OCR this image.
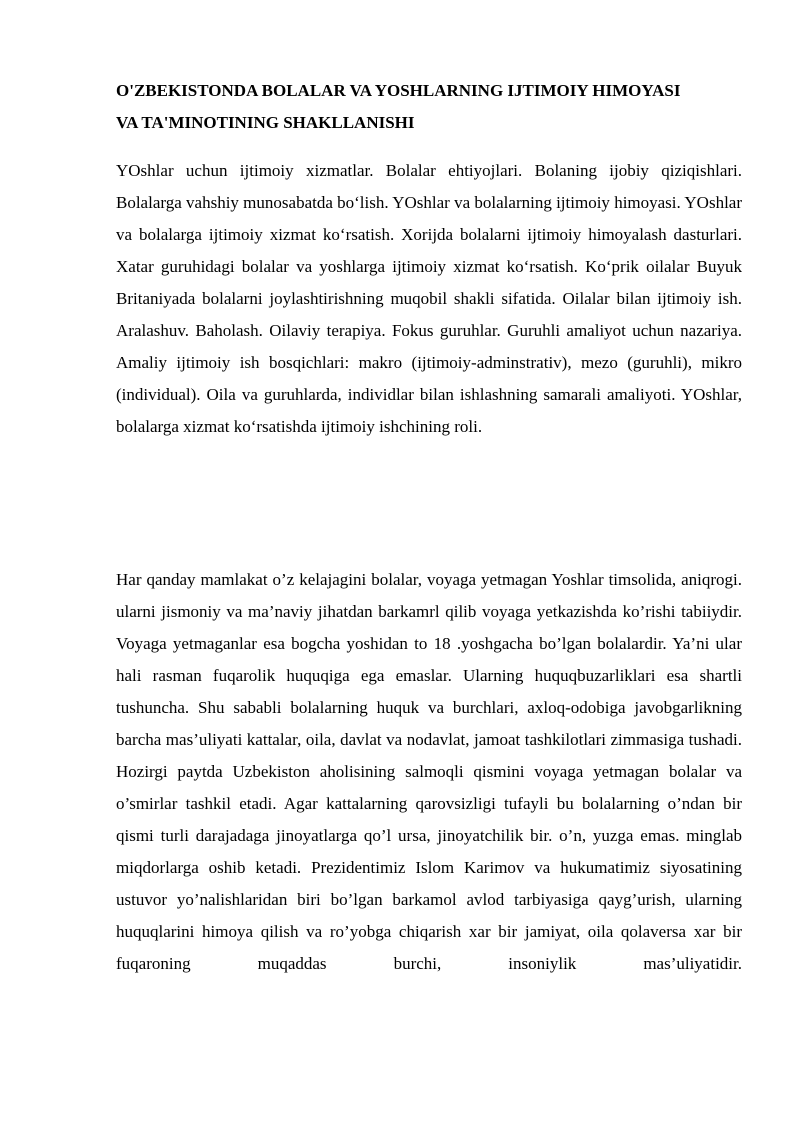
O'ZBEKISTONDA BOLALAR VA YOSHLARNING IJTIMOIY HIMOYASI
VA TA'MINOTINING SHAKLLANISHI

YOshlar uchun ijtimoiy xizmatlar. Bolalar ehtiyojlari. Bolaning ijobiy qiziqishlari. Bolalarga vahshiy munosabatda bo‘lish. YOshlar va bolalarning ijtimoiy himoyasi. YOshlar va bolalarga ijtimoiy xizmat ko‘rsatish. Xorijda bolalarni ijtimoiy himoyalash dasturlari. Xatar guruhidagi bolalar va yoshlarga ijtimoiy xizmat ko‘rsatish. Ko‘prik oilalar Buyuk Britaniyada bolalarni joylashtirishning muqobil shakli sifatida. Oilalar bilan ijtimoiy ish. Aralashuv. Baholash. Oilaviy terapiya. Fokus guruhlar. Guruhli amaliyot uchun nazariya. Amaliy ijtimoiy ish bosqichlari: makro (ijtimoiy-adminstrativ), mezo (guruhli), mikro (individual). Oila va guruhlarda, individlar bilan ishlashning samarali amaliyoti. YOshlar, bolalarga xizmat ko‘rsatishda ijtimoiy ishchining roli.

Har qanday mamlakat o’z kelajagini bolalar, voyaga yetmagan Yoshlar timsolida, aniqrogi. ularni jismoniy va ma’naviy jihatdan barkamrl qilib voyaga yetkazishda ko’rishi tabiiydir. Voyaga yetmaganlar esa bogcha yoshidan to 18 .yoshgacha bo’lgan bolalardir. Ya’ni ular hali rasman fuqarolik huquqiga ega emaslar. Ularning huquqbuzarliklari esa shartli tushuncha. Shu sababli bolalarning huquk va burchlari, axloq-odobiga javobgarlikning barcha mas’uliyati kattalar, oila, davlat va nodavlat, jamoat tashkilotlari zimmasiga tushadi. Hozirgi paytda Uzbekiston aholisining salmoqli qismini voyaga yetmagan bolalar va o’smirlar tashkil etadi. Agar kattalarning qarovsizligi tufayli bu bolalarning o’ndan bir qismi turli darajadaga jinoyatlarga qo’l ursa, jinoyatchilik bir. o’n, yuzga emas. minglab miqdorlarga oshib ketadi. Prezidentimiz Islom Karimov va hukumatimiz siyosatining ustuvor yo’nalishlaridan biri bo’lgan barkamol avlod tarbiyasiga qayg’urish, ularning huquqlarini himoya qilish va ro’yobga chiqarish xar bir jamiyat, oila qolaversa xar bir fuqaroning muqaddas burchi, insoniylik mas’uliyatidir.
